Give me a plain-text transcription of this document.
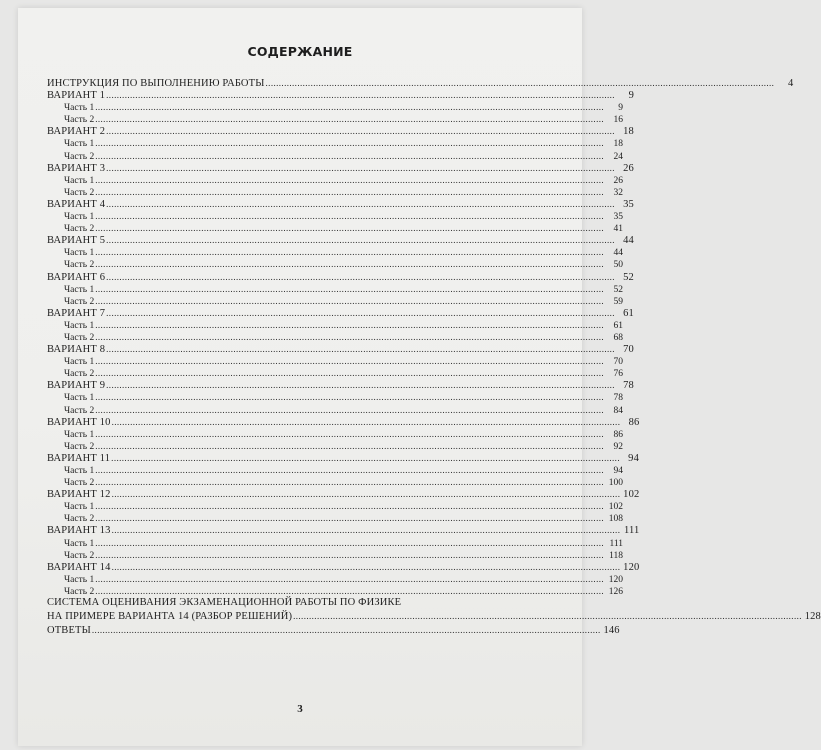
СОДЕРЖАНИЕ
ИНСТРУКЦИЯ ПО ВЫПОЛНЕНИЮ РАБОТЫ .....	4
ВАРИАНТ 1 .....	9
Часть 1 .....	9
Часть 2 .....	16
ВАРИАНТ 2 .....	18
Часть 1 .....	18
Часть 2 .....	24
ВАРИАНТ 3 .....	26
Часть 1 .....	26
Часть 2 .....	32
ВАРИАНТ 4 .....	35
Часть 1 .....	35
Часть 2 .....	41
ВАРИАНТ 5 .....	44
Часть 1 .....	44
Часть 2 .....	50
ВАРИАНТ 6 .....	52
Часть 1 .....	52
Часть 2 .....	59
ВАРИАНТ 7 .....	61
Часть 1 .....	61
Часть 2 .....	68
ВАРИАНТ 8 .....	70
Часть 1 .....	70
Часть 2 .....	76
ВАРИАНТ 9 .....	78
Часть 1 .....	78
Часть 2 .....	84
ВАРИАНТ 10 .....	86
Часть 1 .....	86
Часть 2 .....	92
ВАРИАНТ 11 .....	94
Часть 1 .....	94
Часть 2 .....	100
ВАРИАНТ 12 .....	102
Часть 1 .....	102
Часть 2 .....	108
ВАРИАНТ 13 .....	111
Часть 1 .....	111
Часть 2 .....	118
ВАРИАНТ 14 .....	120
Часть 1 .....	120
Часть 2 .....	126
СИСТЕМА ОЦЕНИВАНИЯ ЭКЗАМЕНАЦИОННОЙ РАБОТЫ ПО ФИЗИКЕ
НА ПРИМЕРЕ ВАРИАНТА 14 (РАЗБОР РЕШЕНИЙ) .....	128
ОТВЕТЫ .....	146
3
